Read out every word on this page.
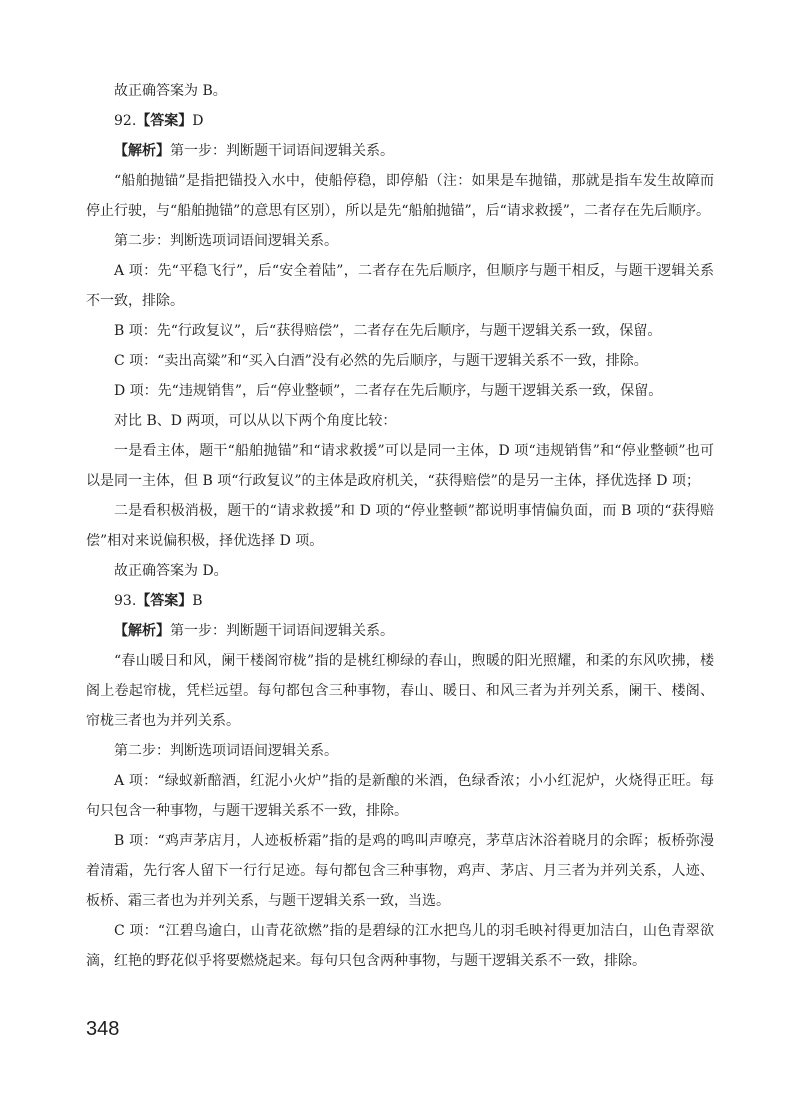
故正确答案为 B。

92.【答案】D

【解析】第一步：判断题干词语间逻辑关系。

“船舶抛锚”是指把锚投入水中，使船停稳，即停船（注：如果是车抛锚，那就是指车发生故障而停止行驶，与“船舶抛锚”的意思有区别），所以是先“船舶抛锚”，后“请求救援”，二者存在先后顺序。

第二步：判断选项词语间逻辑关系。

A 项：先“平稳飞行”，后“安全着陆”，二者存在先后顺序，但顺序与题干相反，与题干逻辑关系不一致，排除。

B 项：先“行政复议”，后“获得赔偿”，二者存在先后顺序，与题干逻辑关系一致，保留。

C 项：“卖出高粱”和“买入白酒”没有必然的先后顺序，与题干逻辑关系不一致，排除。

D 项：先“违规销售”，后“停业整顿”，二者存在先后顺序，与题干逻辑关系一致，保留。

对比 B、D 两项，可以从以下两个角度比较：

一是看主体，题干“船舶抛锚”和“请求救援”可以是同一主体，D 项“违规销售”和“停业整顿”也可以是同一主体，但 B 项“行政复议”的主体是政府机关，“获得赔偿”的是另一主体，择优选择 D 项；

二是看积极消极，题干的“请求救援”和 D 项的“停业整顿”都说明事情偏负面，而 B 项的“获得赔偿”相对来说偏积极，择优选择 D 项。

故正确答案为 D。

93.【答案】B

【解析】第一步：判断题干词语间逻辑关系。

“春山暖日和风，阑干楼阁帘栊”指的是桃红柳绿的春山，煦暖的阳光照耀，和柔的东风吹拂，楼阁上卷起帘栊，凭栏远望。每句都包含三种事物，春山、暖日、和风三者为并列关系，阑干、楼阁、帘栊三者也为并列关系。

第二步：判断选项词语间逻辑关系。

A 项：“绿蚁新醅酒，红泥小火炉”指的是新酿的米酒，色绿香浓；小小红泥炉，火烧得正旺。每句只包含一种事物，与题干逻辑关系不一致，排除。

B 项：“鸡声茅店月，人迹板桥霜”指的是鸡的鸣叫声嘹亮，茅草店沐浴着晓月的余晖；板桥弥漫着清霜，先行客人留下一行行足迹。每句都包含三种事物，鸡声、茅店、月三者为并列关系，人迹、板桥、霜三者也为并列关系，与题干逻辑关系一致，当选。

C 项：“江碧鸟逾白，山青花欲燃”指的是碧绿的江水把鸟儿的羽毛映衬得更加洁白，山色青翠欲滴，红艳的野花似乎将要燃烧起来。每句只包含两种事物，与题干逻辑关系不一致，排除。

348
